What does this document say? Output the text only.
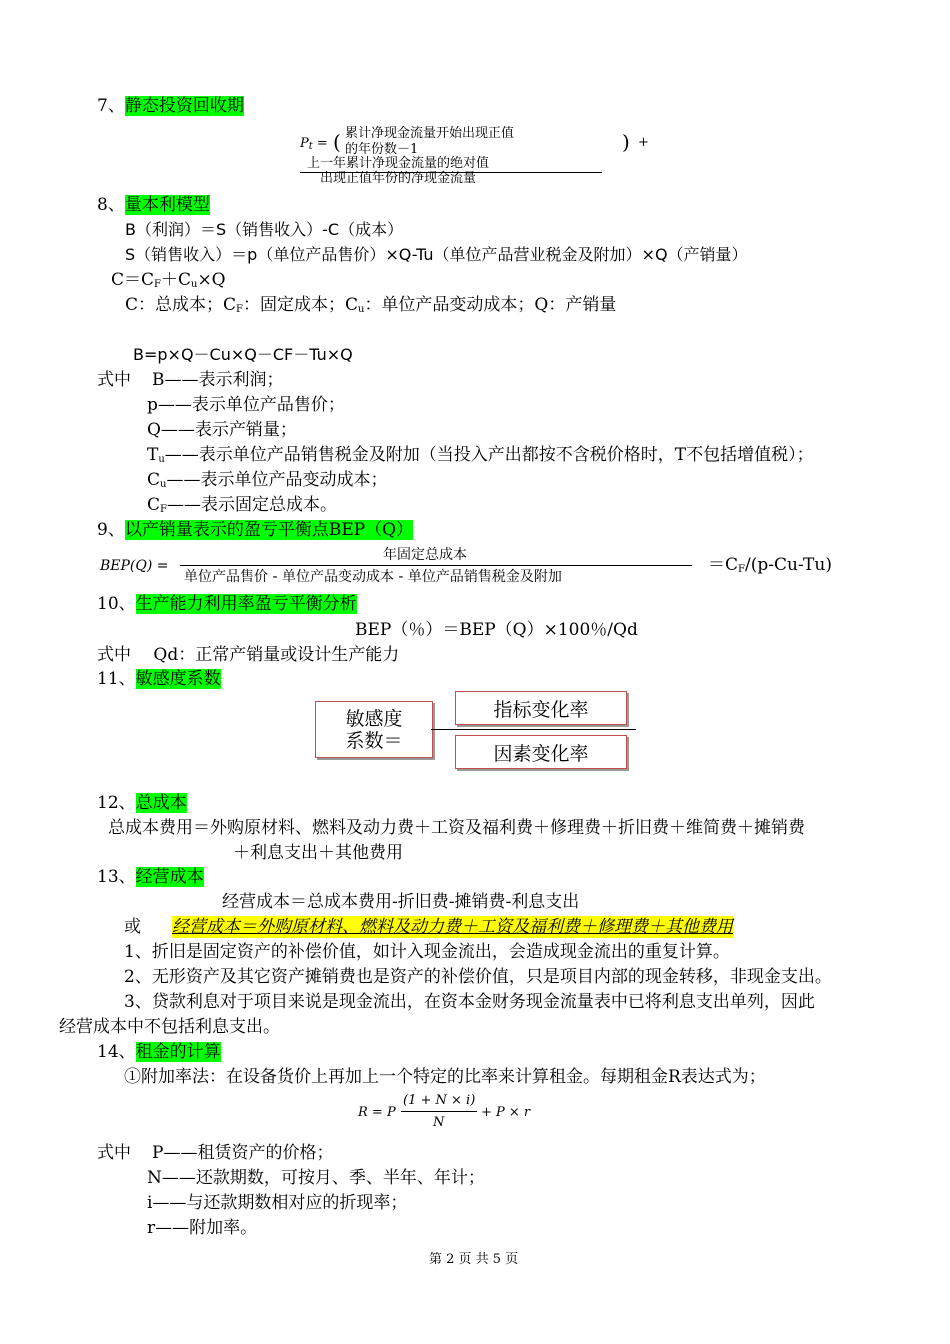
7、静态投资回收期
$P_t$ = ( 累计净现金流量开始出现正值
的年份数－1	) +
上一年累计净现金流量的绝对值
出现正值年份的净现金流量
8、量本利模型
B（利润）＝S（销售收入）-C（成本）
S（销售收入）＝p（单位产品售价）×Q-Tu（单位产品营业税金及附加）×Q（产销量）
$C=C_F+C_u\times Q$
C：总成本；$C_F$：固定成本；$C_u$：单位产品变动成本；Q：产销量
B=p×Q－Cu×Q－CF－Tu×Q
式中 B——表示利润；
p——表示单位产品售价；
Q——表示产销量；
$T_u——$表示单位产品销售税金及附加（当投入产出都按不含税价格时，T不包括增值税）；
$C_u——$表示单位产品变动成本；
$C_F——$表示固定总成本。
9、以产销量表示的盈亏平衡点BEP（Q）
BEP(Q) =
年固定总成本
单位产品售价 - 单位产品变动成本 - 单位产品销售税金及附加
$=C_F/(p-Cu-Tu)$
10、生产能力利用率盈亏平衡分析
BEP（％）＝BEP（Q）×100％/Qd
式中　 Qd：正常产销量或设计生产能力
11、敏感度系数
敏感度
系数＝
指标变化率
因素变化率
12、总成本
总成本费用＝外购原材料、燃料及动力费＋工资及福利费＋修理费＋折旧费＋维简费＋摊销费
＋利息支出＋其他费用
13、经营成本
经营成本＝总成本费用-折旧费-摊销费-利息支出
或 经营成本＝外购原材料、燃料及动力费＋工资及福利费＋修理费＋其他费用
1、折旧是固定资产的补偿价值，如计入现金流出，会造成现金流出的重复计算。
2、无形资产及其它资产摊销费也是资产的补偿价值，只是项目内部的现金转移，非现金支出。
3、贷款利息对于项目来说是现金流出，在资本金财务现金流量表中已将利息支出单列，因此
经营成本中不包括利息支出。
14、租金的计算
①附加率法：在设备货价上再加上一个特定的比率来计算租金。每期租金R表达式为；
R = P
(1 + N × i)
N
+ P × r
式中 P——租赁资产的价格；
N——还款期数，可按月、季、半年、年计；
i——与还款期数相对应的折现率；
r——附加率。
第 2 页 共 5 页
